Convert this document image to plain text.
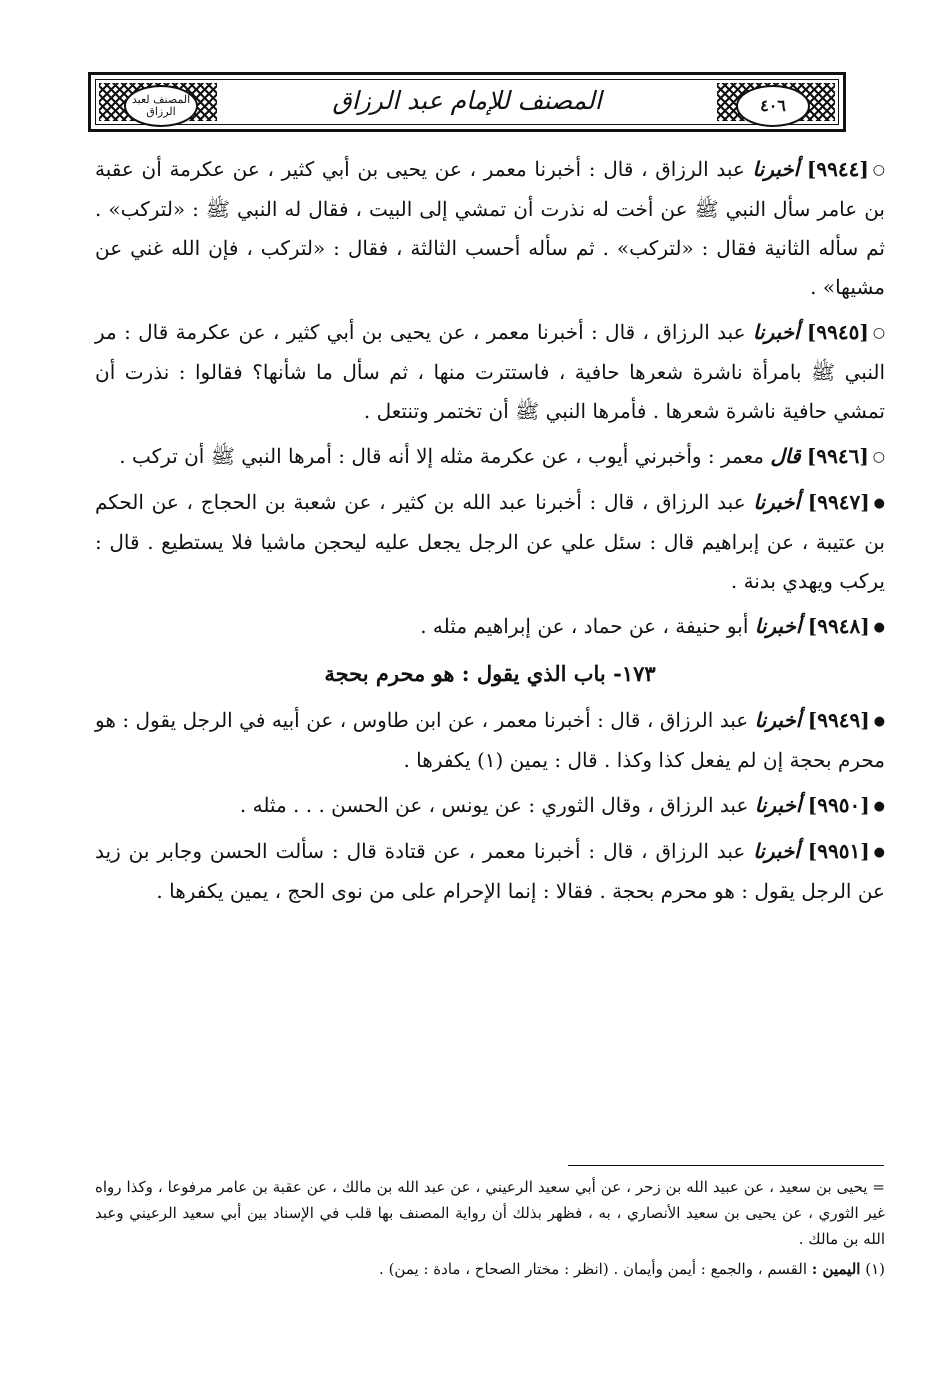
المصنف لعبد الرزاق	المصنف للإمام عبد الرزاق	٤٠٦

○[٩٩٤٤] أخبرنا عبد الرزاق ، قال : أخبرنا معمر ، عن يحيى بن أبي كثير ، عن عكرمة أن عقبة بن عامر سأل النبي ﷺ عن أخت له نذرت أن تمشي إلى البيت ، فقال له النبي ﷺ : «لتركب» . ثم سأله الثانية فقال : «لتركب» . ثم سأله أحسب الثالثة ، فقال : «لتركب ، فإن الله غني عن مشيها» .

○[٩٩٤٥] أخبرنا عبد الرزاق ، قال : أخبرنا معمر ، عن يحيى بن أبي كثير ، عن عكرمة قال : مر النبي ﷺ بامرأة ناشرة شعرها حافية ، فاستترت منها ، ثم سأل ما شأنها؟ فقالوا : نذرت أن تمشي حافية ناشرة شعرها . فأمرها النبي ﷺ أن تختمر وتنتعل .

○[٩٩٤٦] قال معمر : وأخبرني أيوب ، عن عكرمة مثله إلا أنه قال : أمرها النبي ﷺ أن تركب .

●[٩٩٤٧] أخبرنا عبد الرزاق ، قال : أخبرنا عبد الله بن كثير ، عن شعبة بن الحجاج ، عن الحكم بن عتيبة ، عن إبراهيم قال : سئل علي عن الرجل يجعل عليه ليحجن ماشيا فلا يستطيع . قال : يركب ويهدي بدنة .

●[٩٩٤٨] أخبرنا أبو حنيفة ، عن حماد ، عن إبراهيم مثله .

١٧٣- باب الذي يقول : هو محرم بحجة

●[٩٩٤٩] أخبرنا عبد الرزاق ، قال : أخبرنا معمر ، عن ابن طاوس ، عن أبيه في الرجل يقول : هو محرم بحجة إن لم يفعل كذا وكذا . قال : يمين (١) يكفرها .

●[٩٩٥٠] أخبرنا عبد الرزاق ، وقال الثوري : عن يونس ، عن الحسن . . . مثله .

●[٩٩٥١] أخبرنا عبد الرزاق ، قال : أخبرنا معمر ، عن قتادة قال : سألت الحسن وجابر بن زيد عن الرجل يقول : هو محرم بحجة . فقالا : إنما الإحرام على من نوى الحج ، يمين يكفرها .

= يحيى بن سعيد ، عن عبيد الله بن زحر ، عن أبي سعيد الرعيني ، عن عبد الله بن مالك ، عن عقبة بن عامر مرفوعا ، وكذا رواه غير الثوري ، عن يحيى بن سعيد الأنصاري ، به ، فظهر بذلك أن رواية المصنف بها قلب في الإسناد بين أبي سعيد الرعيني وعبد الله بن مالك .

(١) اليمين : القسم ، والجمع : أيمن وأيمان . (انظر : مختار الصحاح ، مادة : يمن) .
